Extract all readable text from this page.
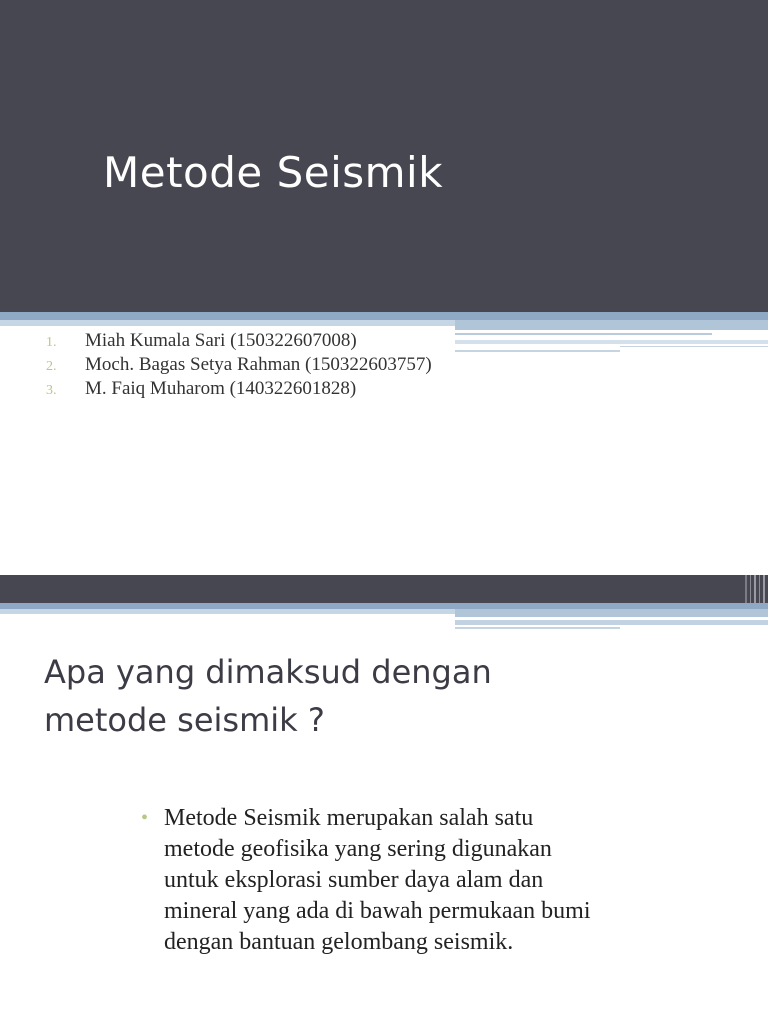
Metode Seismik
1. Miah Kumala Sari (150322607008)
2. Moch. Bagas Setya Rahman (150322603757)
3. M. Faiq Muharom (140322601828)
Apa yang dimaksud dengan metode seismik ?
• Metode Seismik merupakan salah satu metode geofisika yang sering digunakan untuk eksplorasi sumber daya alam dan mineral yang ada di bawah permukaan bumi dengan bantuan gelombang seismik.
